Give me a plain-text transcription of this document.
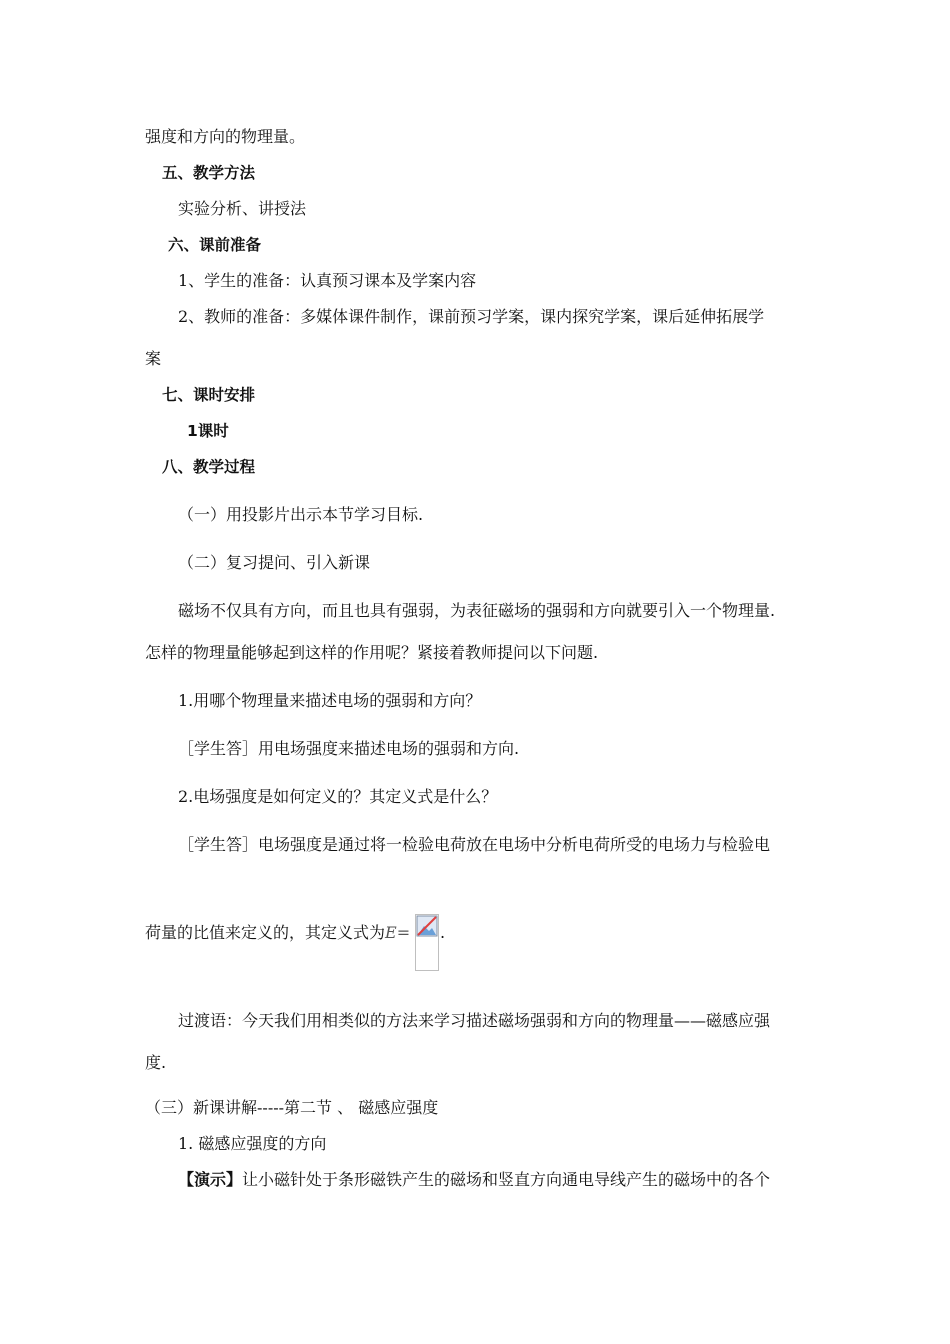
强度和方向的物理量。
五、教学方法
实验分析、讲授法
六、课前准备
1、学生的准备：认真预习课本及学案内容
2、教师的准备：多媒体课件制作，课前预习学案，课内探究学案，课后延伸拓展学
案
七、课时安排
1课时
八、教学过程
（一）用投影片出示本节学习目标.
（二）复习提问、引入新课
磁场不仅具有方向，而且也具有强弱，为表征磁场的强弱和方向就要引入一个物理量.
怎样的物理量能够起到这样的作用呢？紧接着教师提问以下问题.
1.用哪个物理量来描述电场的强弱和方向？
［学生答］用电场强度来描述电场的强弱和方向.
2.电场强度是如何定义的？其定义式是什么？
［学生答］电场强度是通过将一检验电荷放在电场中分析电荷所受的电场力与检验电
荷量的比值来定义的，其定义式为E= .
过渡语：今天我们用相类似的方法来学习描述磁场强弱和方向的物理量——磁感应强
度.
（三）新课讲解-----第二节 、 磁感应强度
1. 磁感应强度的方向
【演示】让小磁针处于条形磁铁产生的磁场和竖直方向通电导线产生的磁场中的各个
